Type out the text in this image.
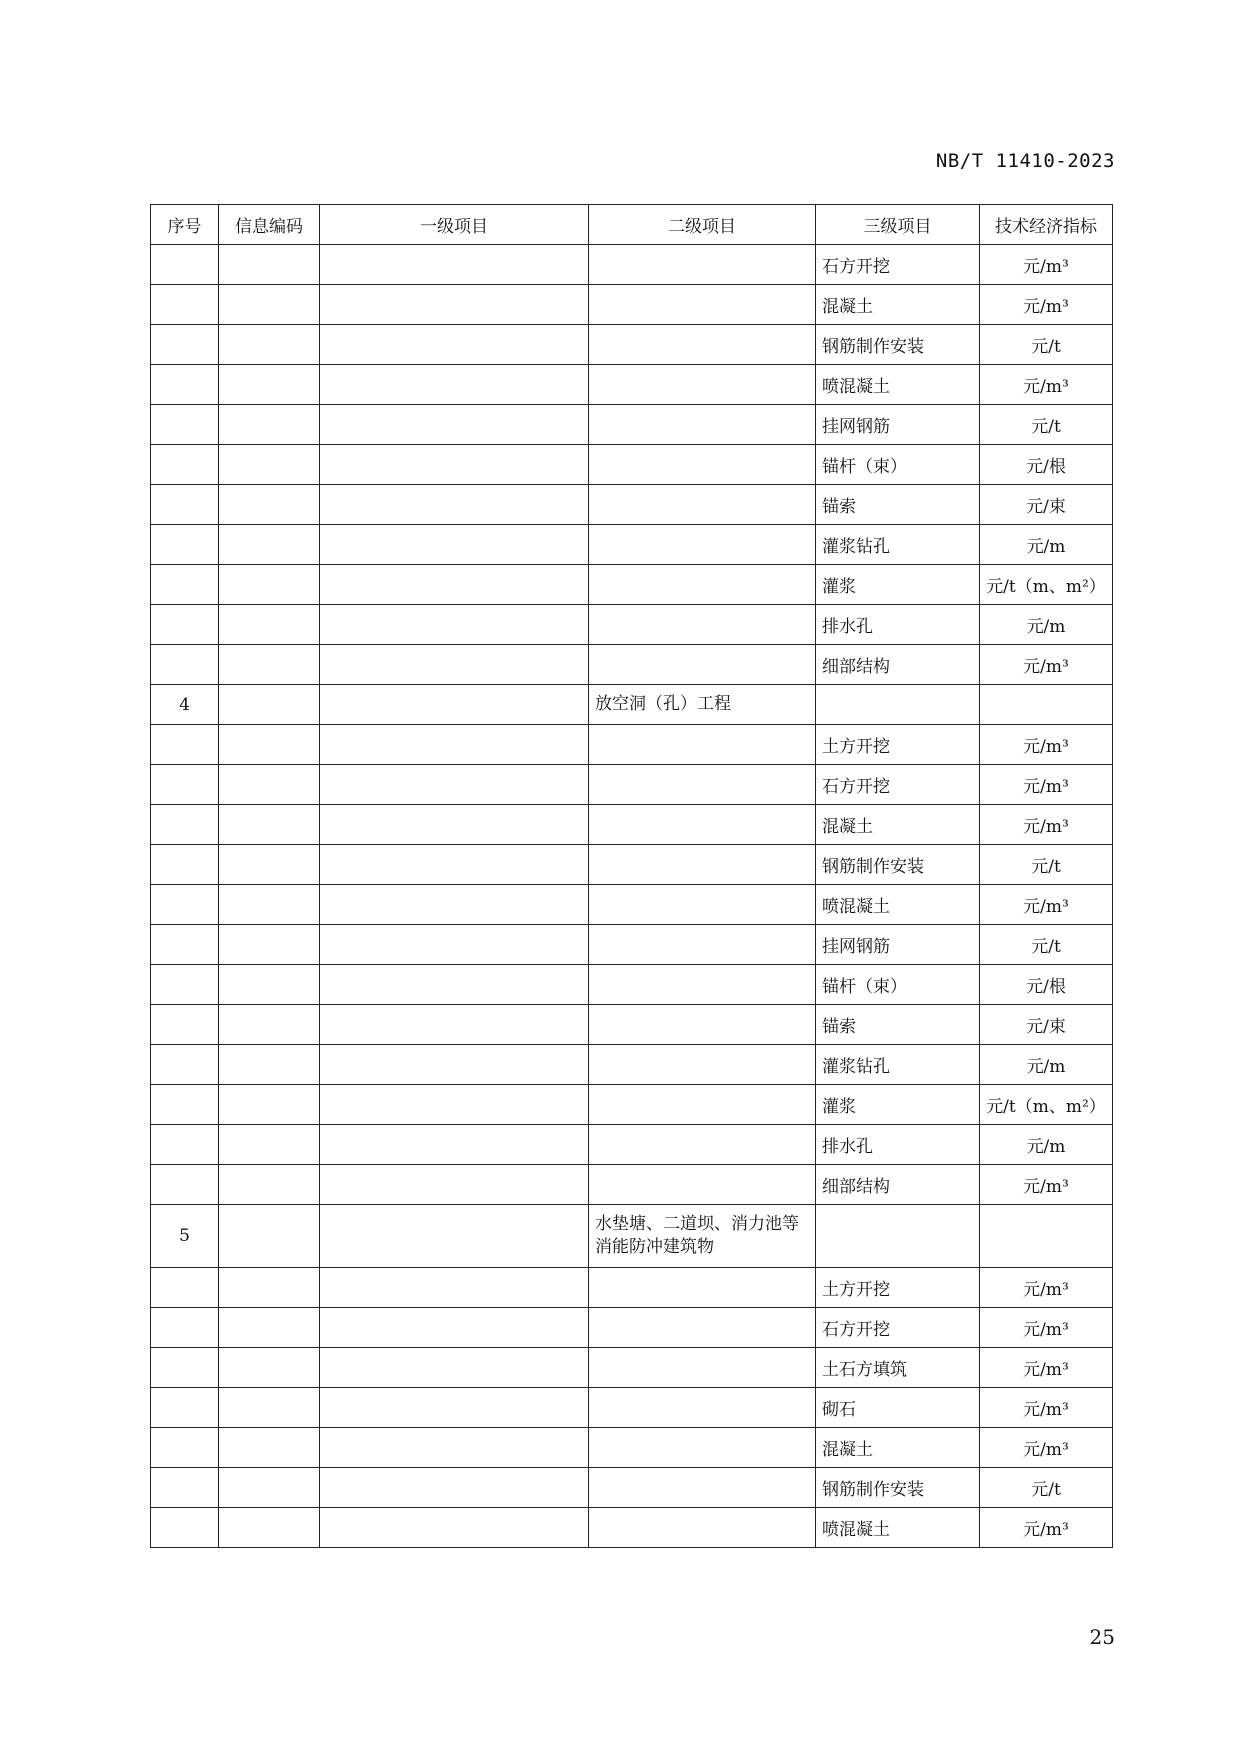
NB/T 11410-2023
序号	信息编码	一级项目	二级项目	三级项目	技术经济指标
				石方开挖	元/m³
				混凝土	元/m³
				钢筋制作安装	元/t
				喷混凝土	元/m³
				挂网钢筋	元/t
				锚杆（束）	元/根
				锚索	元/束
				灌浆钻孔	元/m
				灌浆	元/t（m、m²）
				排水孔	元/m
				细部结构	元/m³
4			放空洞（孔）工程		
				土方开挖	元/m³
				石方开挖	元/m³
				混凝土	元/m³
				钢筋制作安装	元/t
				喷混凝土	元/m³
				挂网钢筋	元/t
				锚杆（束）	元/根
				锚索	元/束
				灌浆钻孔	元/m
				灌浆	元/t（m、m²）
				排水孔	元/m
				细部结构	元/m³
5			水垫塘、二道坝、消力池等消能防冲建筑物		
				土方开挖	元/m³
				石方开挖	元/m³
				土石方填筑	元/m³
				砌石	元/m³
				混凝土	元/m³
				钢筋制作安装	元/t
				喷混凝土	元/m³
25
